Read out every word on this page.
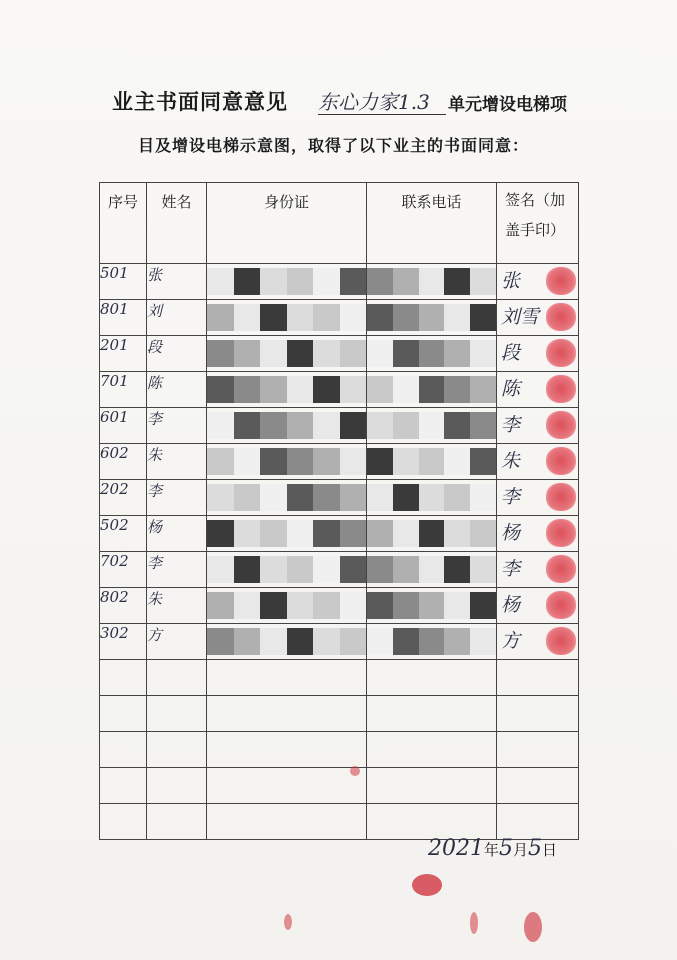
业主书面同意意见 东心力家1.3	单元增设电梯项
目及增设电梯示意图，取得了以下业主的书面同意：
序号	姓名	身份证	联系电话	签名（加盖手印）
501	张			张

801	刘			刘雪

201	段			段

701	陈			陈

601	李			李

602	朱			朱

202	李			李

502	杨			杨

702	李			李

802	朱			杨

302	方			方

2021年5月5日
